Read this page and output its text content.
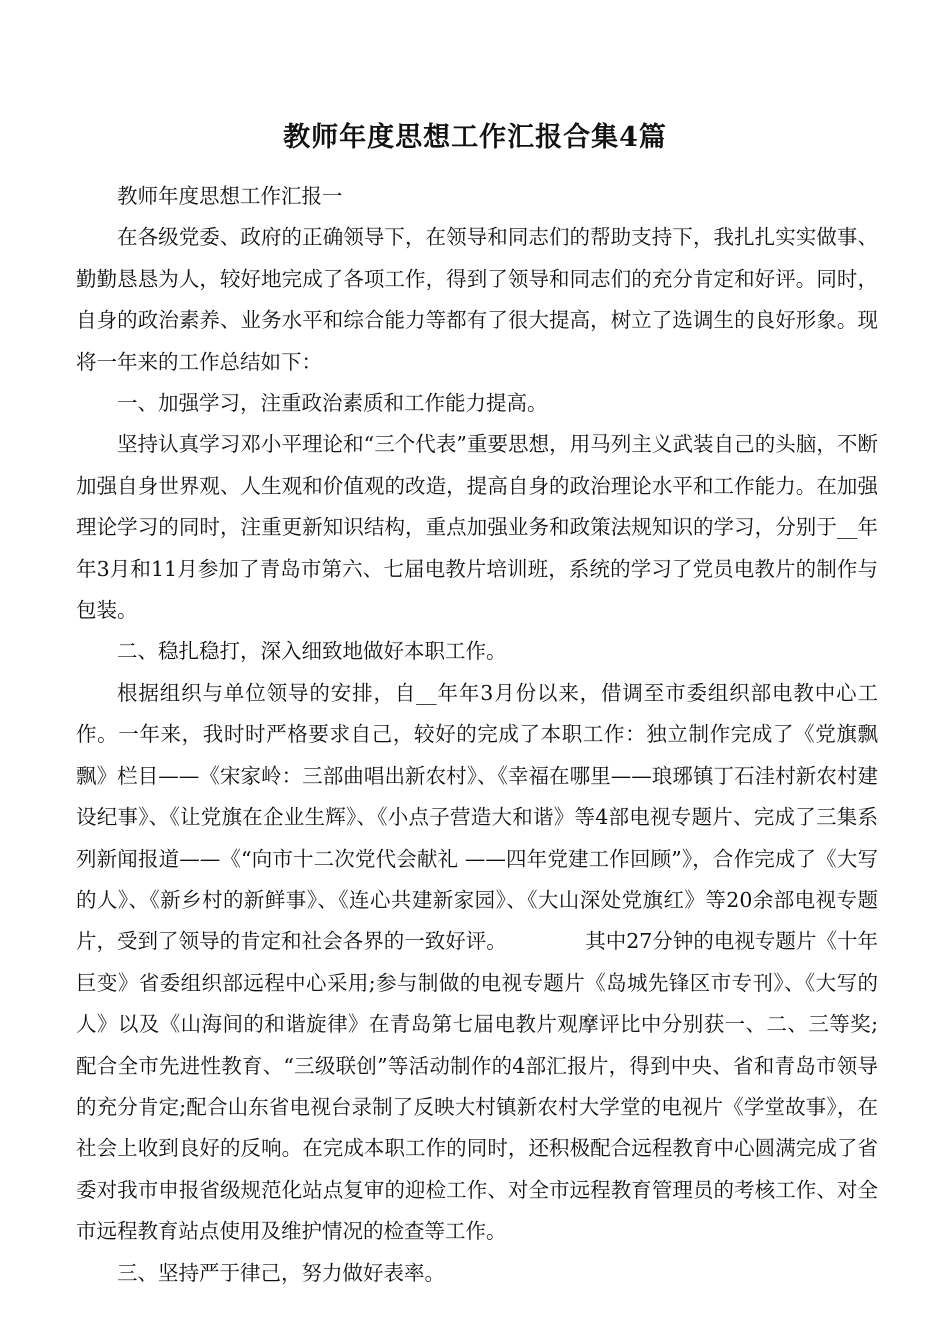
教师年度思想工作汇报合集4篇

教师年度思想工作汇报一

在各级党委、政府的正确领导下，在领导和同志们的帮助支持下，我扎扎实实做事、勤勤恳恳为人，较好地完成了各项工作，得到了领导和同志们的充分肯定和好评。同时，自身的政治素养、业务水平和综合能力等都有了很大提高，树立了选调生的良好形象。现将一年来的工作总结如下：

一、加强学习，注重政治素质和工作能力提高。

坚持认真学习邓小平理论和“三个代表”重要思想，用马列主义武装自己的头脑，不断加强自身世界观、人生观和价值观的改造，提高自身的政治理论水平和工作能力。在加强理论学习的同时，注重更新知识结构，重点加强业务和政策法规知识的学习，分别于__年年3月和11月参加了青岛市第六、七届电教片培训班，系统的学习了党员电教片的制作与包装。

二、稳扎稳打，深入细致地做好本职工作。

根据组织与单位领导的安排，自__年年3月份以来，借调至市委组织部电教中心工作。一年来，我时时严格要求自己，较好的完成了本职工作：独立制作完成了《党旗飘飘》栏目——《宋家岭：三部曲唱出新农村》、《幸福在哪里——琅琊镇丁石洼村新农村建设纪事》、《让党旗在企业生辉》、《小点子营造大和谐》等4部电视专题片、完成了三集系列新闻报道——《“向市十二次党代会献礼 ——四年党建工作回顾”》，合作完成了《大写的人》、《新乡村的新鲜事》、《连心共建新家园》、《大山深处党旗红》等20余部电视专题片，受到了领导的肯定和社会各界的一致好评。            其中27分钟的电视专题片《十年巨变》省委组织部远程中心采用;参与制做的电视专题片《岛城先锋区市专刊》、《大写的人》以及《山海间的和谐旋律》在青岛第七届电教片观摩评比中分别获一、二、三等奖;配合全市先进性教育、“三级联创”等活动制作的4部汇报片，得到中央、省和青岛市领导的充分肯定;配合山东省电视台录制了反映大村镇新农村大学堂的电视片《学堂故事》，在社会上收到良好的反响。在完成本职工作的同时，还积极配合远程教育中心圆满完成了省委对我市申报省级规范化站点复审的迎检工作、对全市远程教育管理员的考核工作、对全市远程教育站点使用及维护情况的检查等工作。

三、坚持严于律己，努力做好表率。
